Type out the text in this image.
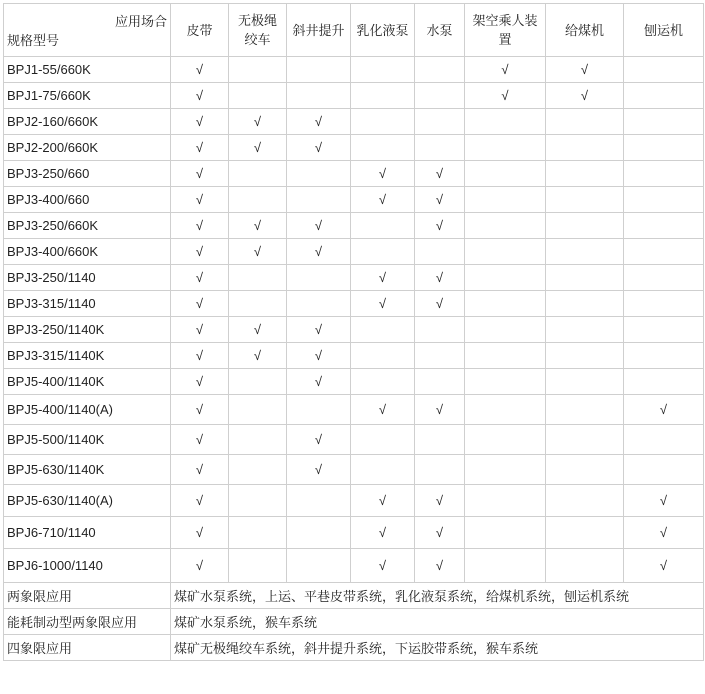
应用场合
规格型号	皮带	无极绳绞车	斜井提升	乳化液泵	水泵	架空乘人装置	给煤机	刨运机
BPJ1-55/660K	√					√	√	
BPJ1-75/660K	√					√	√	
BPJ2-160/660K	√	√	√					
BPJ2-200/660K	√	√	√					
BPJ3-250/660	√			√	√			
BPJ3-400/660	√			√	√			
BPJ3-250/660K	√	√	√		√			
BPJ3-400/660K	√	√	√					
BPJ3-250/1140	√			√	√			
BPJ3-315/1140	√			√	√			
BPJ3-250/1140K	√	√	√					
BPJ3-315/1140K	√	√	√					
BPJ5-400/1140K	√		√					
BPJ5-400/1140(A)	√			√	√			√
BPJ5-500/1140K	√		√					
BPJ5-630/1140K	√		√					
BPJ5-630/1140(A)	√			√	√			√
BPJ6-710/1140	√			√	√			√
BPJ6-1000/1140	√			√	√			√
两象限应用	煤矿水泵系统，上运、平巷皮带系统，乳化液泵系统，给煤机系统，刨运机系统							
能耗制动型两象限应用	煤矿水泵系统，猴车系统							
四象限应用	煤矿无极绳绞车系统，斜井提升系统，下运胶带系统，猴车系统							
